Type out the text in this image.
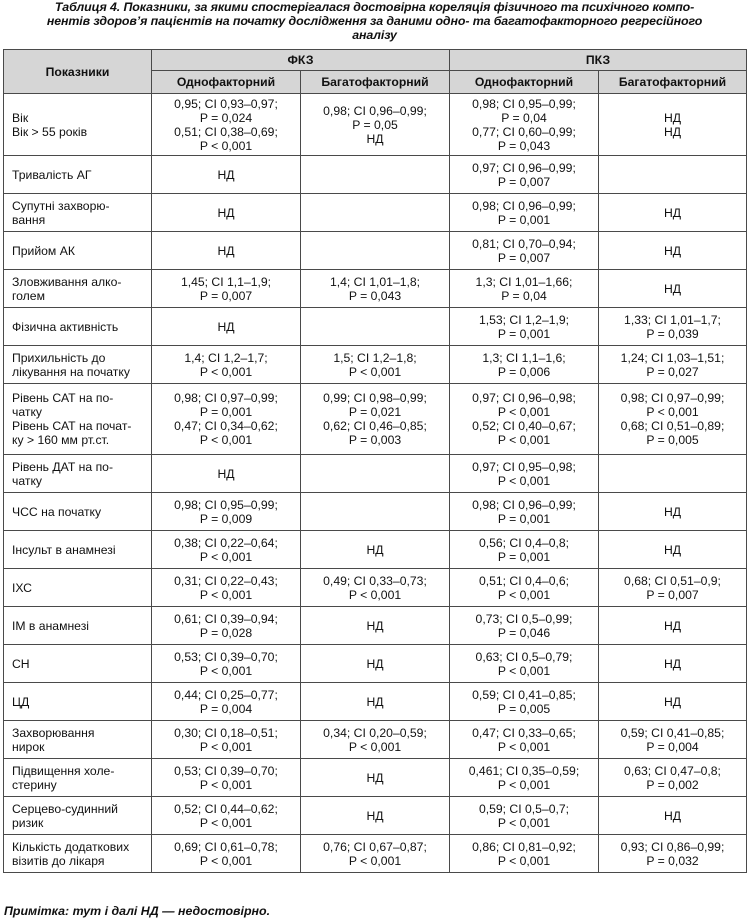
Таблиця 4. Показники, за якими спостерігалася достовірна кореляція фізичного та психічного компо-
нентів здоров’я пацієнтів на початку дослідження за даними одно- та багатофакторного регресійного
аналізу
Показники	ФКЗ		ПКЗ	
	Однофакторний	Багатофакторний	Однофакторний	Багатофакторний

Вік
Вік > 55 років	0,95; CI 0,93–0,97;
P = 0,024
0,51; CI 0,38–0,69;
P < 0,001	0,98; CI 0,96–0,99;
P = 0,05
НД	0,98; CI 0,95–0,99;
P = 0,04
0,77; CI 0,60–0,99;
P = 0,043	НД
НД

Тривалість АГ	НД		0,97; CI 0,96–0,99;
P = 0,007	

Супутні захворю-
вання	НД		0,98; CI 0,96–0,99;
P = 0,001	НД

Прийом АК	НД		0,81; CI 0,70–0,94;
P = 0,007	НД

Зловживання алко-
голем	1,45; CI 1,1–1,9;
P = 0,007	1,4; CI 1,01–1,8;
P = 0,043	1,3; CI 1,01–1,66;
P = 0,04	НД

Фізична активність	НД		1,53; CI 1,2–1,9;
P = 0,001	1,33; CI 1,01–1,7;
P = 0,039

Прихильність до
лікування на початку	1,4; CI 1,2–1,7;
P < 0,001	1,5; CI 1,2–1,8;
P < 0,001	1,3; CI 1,1–1,6;
P = 0,006	1,24; CI 1,03–1,51;
P = 0,027

Рівень САТ на по-
чатку
Рівень САТ на почат-
ку > 160 мм рт.ст.	0,98; CI 0,97–0,99;
P = 0,001
0,47; CI 0,34–0,62;
P < 0,001	0,99; CI 0,98–0,99;
P = 0,021
0,62; CI 0,46–0,85;
P = 0,003	0,97; CI 0,96–0,98;
P < 0,001
0,52; CI 0,40–0,67;
P < 0,001	0,98; CI 0,97–0,99;
P < 0,001
0,68; CI 0,51–0,89;
P = 0,005

Рівень ДАТ на по-
чатку	НД		0,97; CI 0,95–0,98;
P < 0,001	

ЧСС на початку	0,98; CI 0,95–0,99;
P = 0,009		0,98; CI 0,96–0,99;
P = 0,001	НД

Інсульт в анамнезі	0,38; CI 0,22–0,64;
P < 0,001	НД	0,56; CI 0,4–0,8;
P = 0,001	НД

ІХС	0,31; CI 0,22–0,43;
P < 0,001	0,49; CI 0,33–0,73;
P < 0,001	0,51; CI 0,4–0,6;
P < 0,001	0,68; CI 0,51–0,9;
P = 0,007

ІМ в анамнезі	0,61; CI 0,39–0,94;
P = 0,028	НД	0,73; CI 0,5–0,99;
P = 0,046	НД

СН	0,53; CI 0,39–0,70;
P < 0,001	НД	0,63; CI 0,5–0,79;
P < 0,001	НД

ЦД	0,44; CI 0,25–0,77;
P = 0,004	НД	0,59; CI 0,41–0,85;
P = 0,005	НД

Захворювання
нирок	0,30; CI 0,18–0,51;
P < 0,001	0,34; CI 0,20–0,59;
P < 0,001	0,47; CI 0,33–0,65;
P < 0,001	0,59; CI 0,41–0,85;
P = 0,004

Підвищення холе-
стерину	0,53; CI 0,39–0,70;
P < 0,001	НД	0,461; CI 0,35–0,59;
P < 0,001	0,63; CI 0,47–0,8;
P = 0,002

Серцево-судинний
ризик	0,52; CI 0,44–0,62;
P < 0,001	НД	0,59; CI 0,5–0,7;
P < 0,001	НД

Кількість додаткових
візитів до лікаря	0,69; CI 0,61–0,78;
P < 0,001	0,76; CI 0,67–0,87;
P < 0,001	0,86; CI 0,81–0,92;
P < 0,001	0,93; CI 0,86–0,99;
P = 0,032
Примітка: тут і далі НД — недостовірно.
